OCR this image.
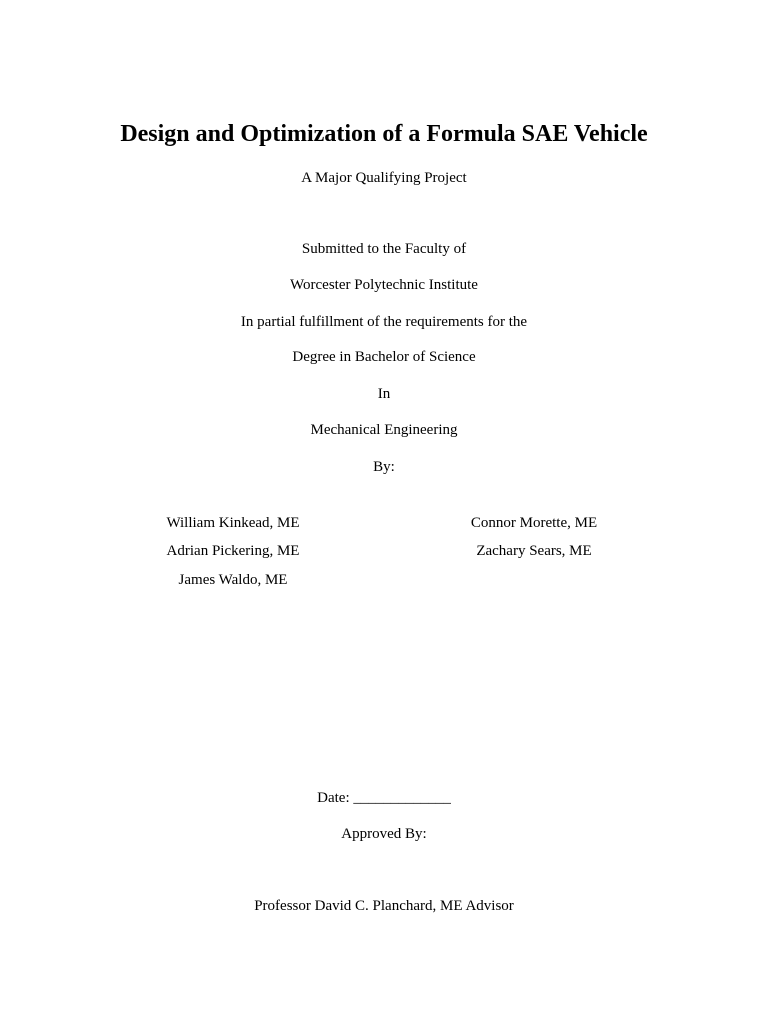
Design and Optimization of a Formula SAE Vehicle
A Major Qualifying Project
Submitted to the Faculty of
Worcester Polytechnic Institute
In partial fulfillment of the requirements for the
Degree in Bachelor of Science
In
Mechanical Engineering
By:
William Kinkead, ME
Adrian Pickering, ME
James Waldo, ME
Connor Morette, ME
Zachary Sears, ME
Date: _____________
Approved By:
Professor David C. Planchard, ME Advisor
